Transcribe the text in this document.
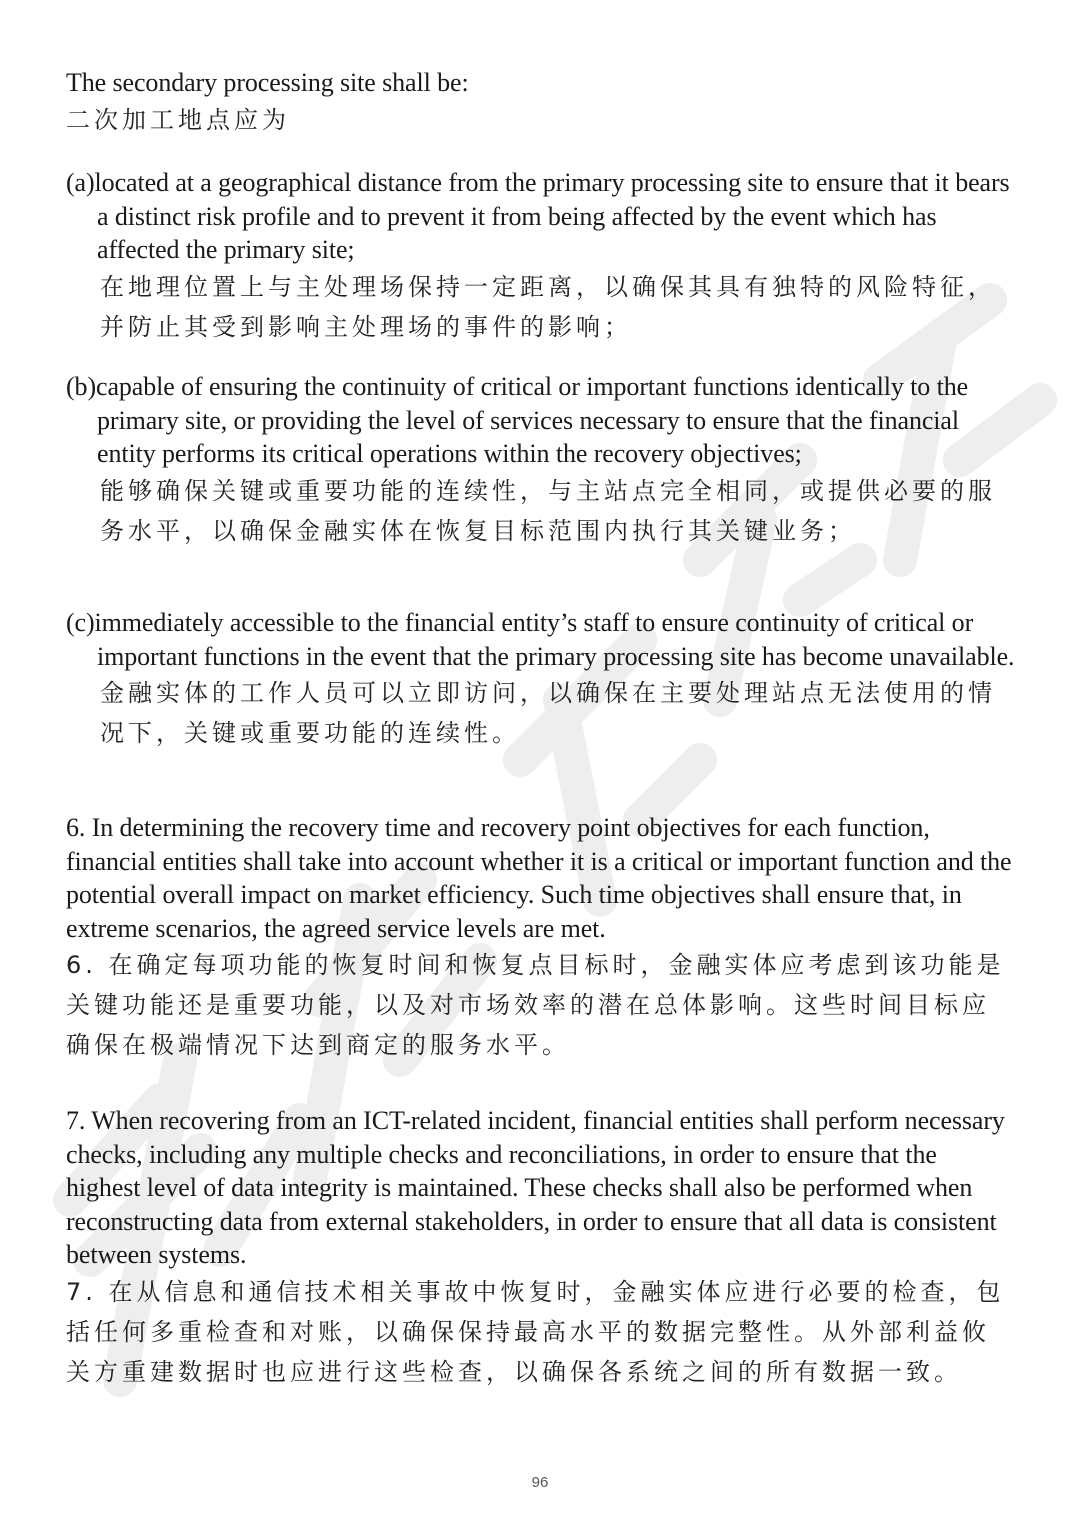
The secondary processing site shall be:

二次加工地点应为

(a)located at a geographical distance from the primary processing site to ensure that it bears a distinct risk profile and to prevent it from being affected by the event which has affected the primary site;

在地理位置上与主处理场保持一定距离，以确保其具有独特的风险特征，并防止其受到影响主处理场的事件的影响；

(b)capable of ensuring the continuity of critical or important functions identically to the primary site, or providing the level of services necessary to ensure that the financial entity performs its critical operations within the recovery objectives;

能够确保关键或重要功能的连续性，与主站点完全相同，或提供必要的服务水平，以确保金融实体在恢复目标范围内执行其关键业务；

(c)immediately accessible to the financial entity’s staff to ensure continuity of critical or important functions in the event that the primary processing site has become unavailable.

金融实体的工作人员可以立即访问，以确保在主要处理站点无法使用的情况下，关键或重要功能的连续性。

6. In determining the recovery time and recovery point objectives for each function, financial entities shall take into account whether it is a critical or important function and the potential overall impact on market efficiency. Such time objectives shall ensure that, in extreme scenarios, the agreed service levels are met.

6. 在确定每项功能的恢复时间和恢复点目标时，金融实体应考虑到该功能是关键功能还是重要功能，以及对市场效率的潜在总体影响。这些时间目标应确保在极端情况下达到商定的服务水平。

7. When recovering from an ICT-related incident, financial entities shall perform necessary checks, including any multiple checks and reconciliations, in order to ensure that the highest level of data integrity is maintained. These checks shall also be performed when reconstructing data from external stakeholders, in order to ensure that all data is consistent between systems.

7. 在从信息和通信技术相关事故中恢复时，金融实体应进行必要的检查，包括任何多重检查和对账，以确保保持最高水平的数据完整性。从外部利益攸关方重建数据时也应进行这些检查，以确保各系统之间的所有数据一致。

96
